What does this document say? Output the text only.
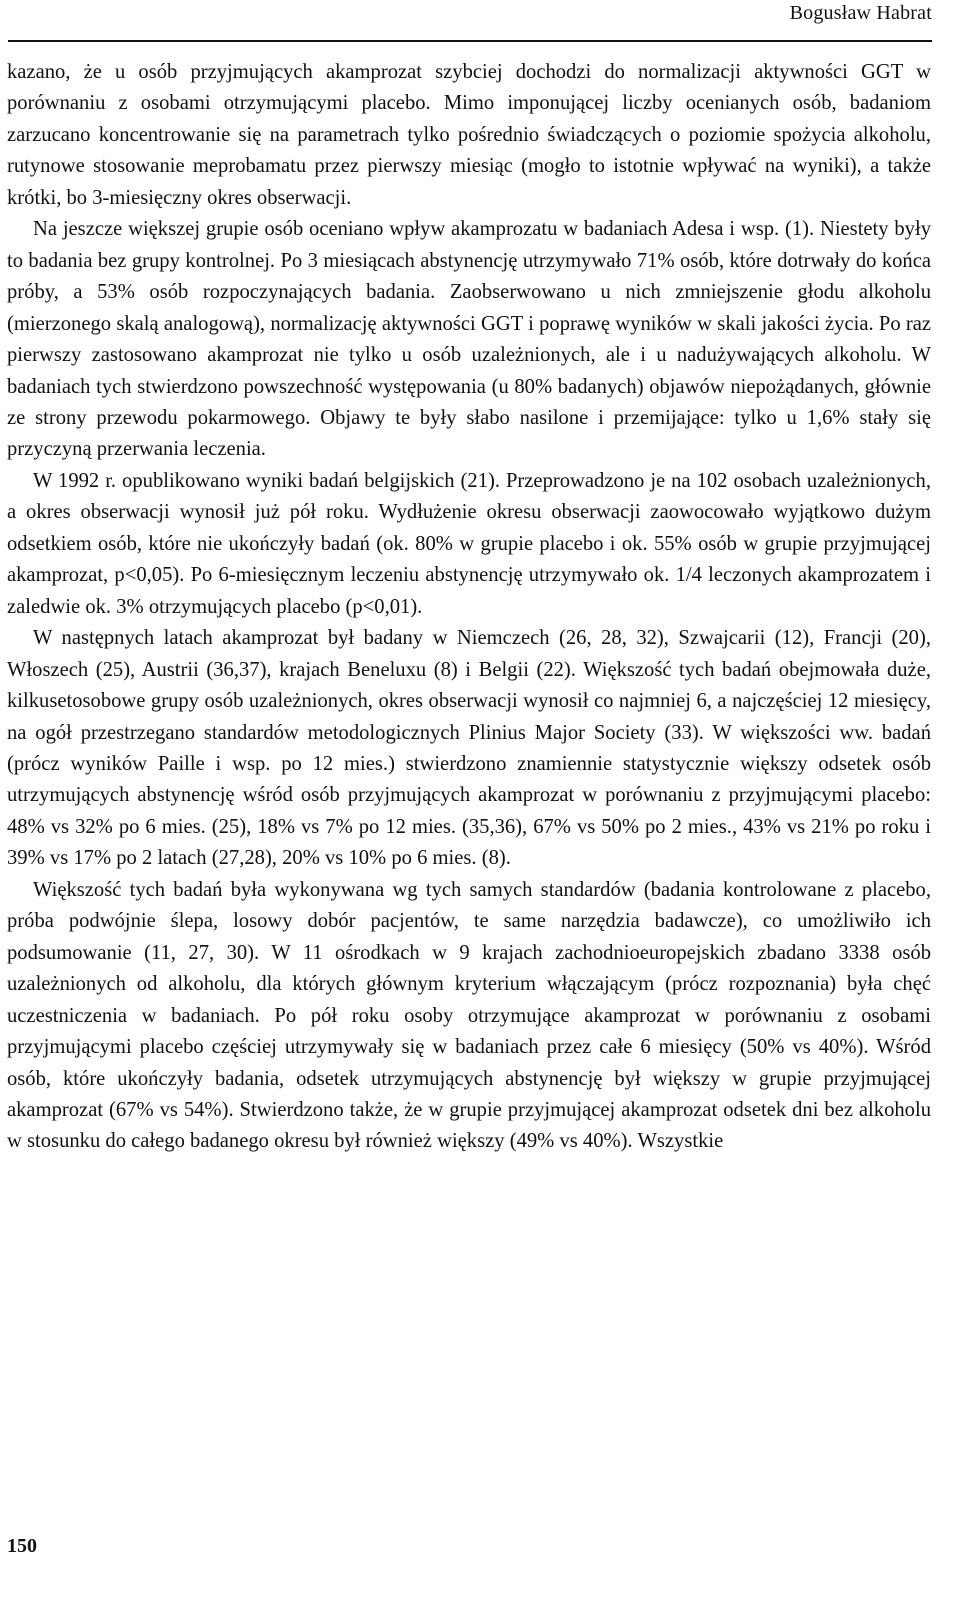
Bogusław Habrat

kazano, że u osób przyjmujących akamprozat szybciej dochodzi do normalizacji aktywności GGT w porównaniu z osobami otrzymującymi placebo. Mimo imponującej liczby ocenianych osób, badaniom zarzucano koncentrowanie się na parametrach tylko pośrednio świadczących o poziomie spożycia alkoholu, rutynowe stosowanie meprobamatu przez pierwszy miesiąc (mogło to istotnie wpływać na wyniki), a także krótki, bo 3-miesięczny okres obserwacji.

Na jeszcze większej grupie osób oceniano wpływ akamprozatu w badaniach Adesa i wsp. (1). Niestety były to badania bez grupy kontrolnej. Po 3 miesiącach abstynencję utrzymywało 71% osób, które dotrwały do końca próby, a 53% osób rozpoczynających badania. Zaobserwowano u nich zmniejszenie głodu alkoholu (mierzonego skalą analogową), normalizację aktywności GGT i poprawę wyników w skali jakości życia. Po raz pierwszy zastosowano akamprozat nie tylko u osób uzależnionych, ale i u nadużywających alkoholu. W badaniach tych stwierdzono powszechność występowania (u 80% badanych) objawów niepożądanych, głównie ze strony przewodu pokarmowego. Objawy te były słabo nasilone i przemijające: tylko u 1,6% stały się przyczyną przerwania leczenia.

W 1992 r. opublikowano wyniki badań belgijskich (21). Przeprowadzono je na 102 osobach uzależnionych, a okres obserwacji wynosił już pół roku. Wydłużenie okresu obserwacji zaowocowało wyjątkowo dużym odsetkiem osób, które nie ukończyły badań (ok. 80% w grupie placebo i ok. 55% osób w grupie przyjmującej akamprozat, p<0,05). Po 6-miesięcznym leczeniu abstynencję utrzymywało ok. 1/4 leczonych akamprozatem i zaledwie ok. 3% otrzymujących placebo (p<0,01).

W następnych latach akamprozat był badany w Niemczech (26, 28, 32), Szwajcarii (12), Francji (20), Włoszech (25), Austrii (36,37), krajach Beneluxu (8) i Belgii (22). Większość tych badań obejmowała duże, kilkusetosobowe grupy osób uzależnionych, okres obserwacji wynosił co najmniej 6, a najczęściej 12 miesięcy, na ogół przestrzegano standardów metodologicznych Plinius Major Society (33). W większości ww. badań (prócz wyników Paille i wsp. po 12 mies.) stwierdzono znamiennie statystycznie większy odsetek osób utrzymujących abstynencję wśród osób przyjmujących akamprozat w porównaniu z przyjmującymi placebo: 48% vs 32% po 6 mies. (25), 18% vs 7% po 12 mies. (35,36), 67% vs 50% po 2 mies., 43% vs 21% po roku i 39% vs 17% po 2 latach (27,28), 20% vs 10% po 6 mies. (8).

Większość tych badań była wykonywana wg tych samych standardów (badania kontrolowane z placebo, próba podwójnie ślepa, losowy dobór pacjentów, te same narzędzia badawcze), co umożliwiło ich podsumowanie (11, 27, 30). W 11 ośrodkach w 9 krajach zachodnioeuropejskich zbadano 3338 osób uzależnionych od alkoholu, dla których głównym kryterium włączającym (prócz rozpoznania) była chęć uczestniczenia w badaniach. Po pół roku osoby otrzymujące akamprozat w porównaniu z osobami przyjmującymi placebo częściej utrzymywały się w badaniach przez całe 6 miesięcy (50% vs 40%). Wśród osób, które ukończyły badania, odsetek utrzymujących abstynencję był większy w grupie przyjmującej akamprozat (67% vs 54%). Stwierdzono także, że w grupie przyjmującej akamprozat odsetek dni bez alkoholu w stosunku do całego badanego okresu był również większy (49% vs 40%). Wszystkie

150
